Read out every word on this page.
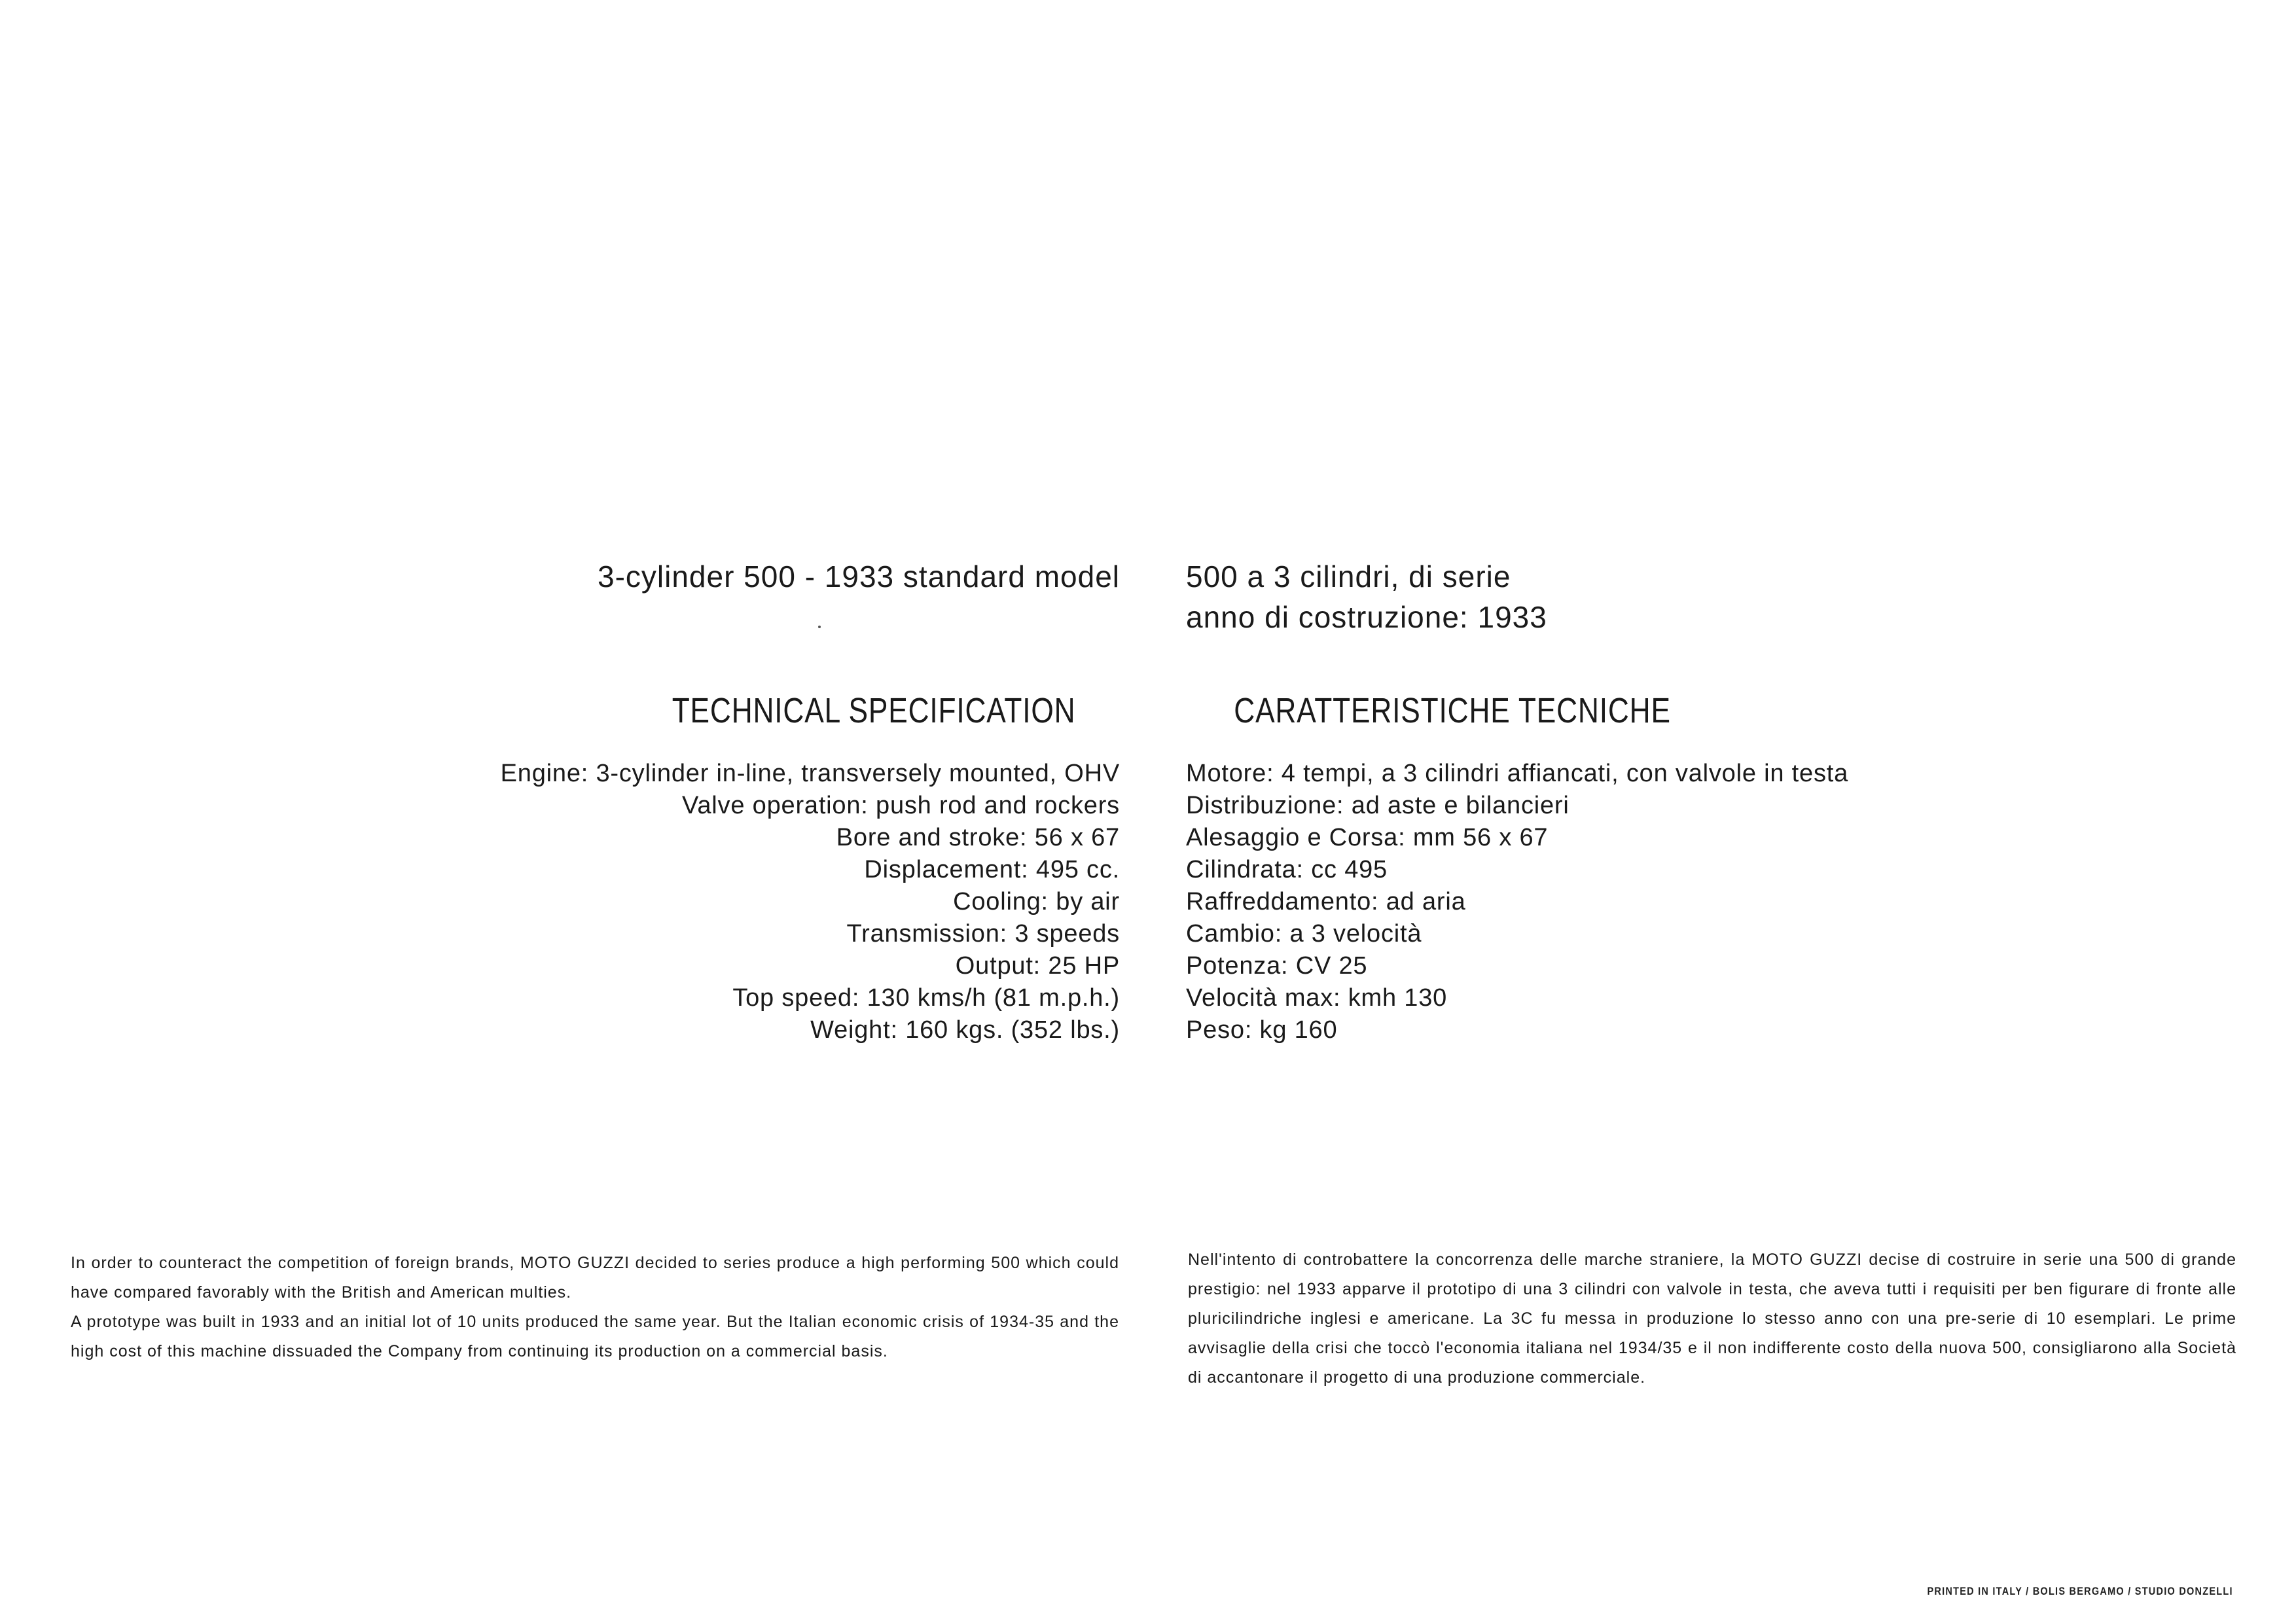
3-cylinder 500 - 1933 standard model 500 a 3 cilindri, di serie
anno di costruzione: 1933
TECHNICAL SPECIFICATION	CARATTERISTICHE TECNICHE
Engine: 3-cylinder in-line, transversely mounted, OHV
Valve operation: push rod and rockers
Bore and stroke: 56 x 67
Displacement: 495 cc.
Cooling: by air
Transmission: 3 speeds
Output: 25 HP
Top speed: 130 kms/h (81 m.p.h.)
Weight: 160 kgs. (352 lbs.)
Motore: 4 tempi, a 3 cilindri affiancati, con valvole in testa
Distribuzione: ad aste e bilancieri
Alesaggio e Corsa: mm 56 x 67
Cilindrata: cc 495
Raffreddamento: ad aria
Cambio: a 3 velocità
Potenza: CV 25
Velocità max: kmh 130
Peso: kg 160

In order to counteract the competition of foreign brands, MOTO GUZZI decided to series produce a high performing 500 which could have compared favorably with the British and American multies.

A prototype was built in 1933 and an initial lot of 10 units produced the same year. But the Italian economic crisis of 1934-35 and the high cost of this machine dissuaded the Company from continuing its production on a commercial basis.

Nell'intento di controbattere la concorrenza delle marche straniere, la MOTO GUZZI decise di costruire in serie una 500 di grande prestigio: nel 1933 apparve il prototipo di una 3 cilindri con valvole in testa, che aveva tutti i requisiti per ben figurare di fronte alle pluricilindriche inglesi e americane. La 3C fu messa in produzione lo stesso anno con una pre-serie di 10 esemplari. Le prime avvisaglie della crisi che toccò l'economia italiana nel 1934/35 e il non indifferente costo della nuova 500, consigliarono alla Società di accantonare il progetto di una produzione commerciale.

PRINTED IN ITALY / BOLIS BERGAMO / STUDIO DONZELLI
